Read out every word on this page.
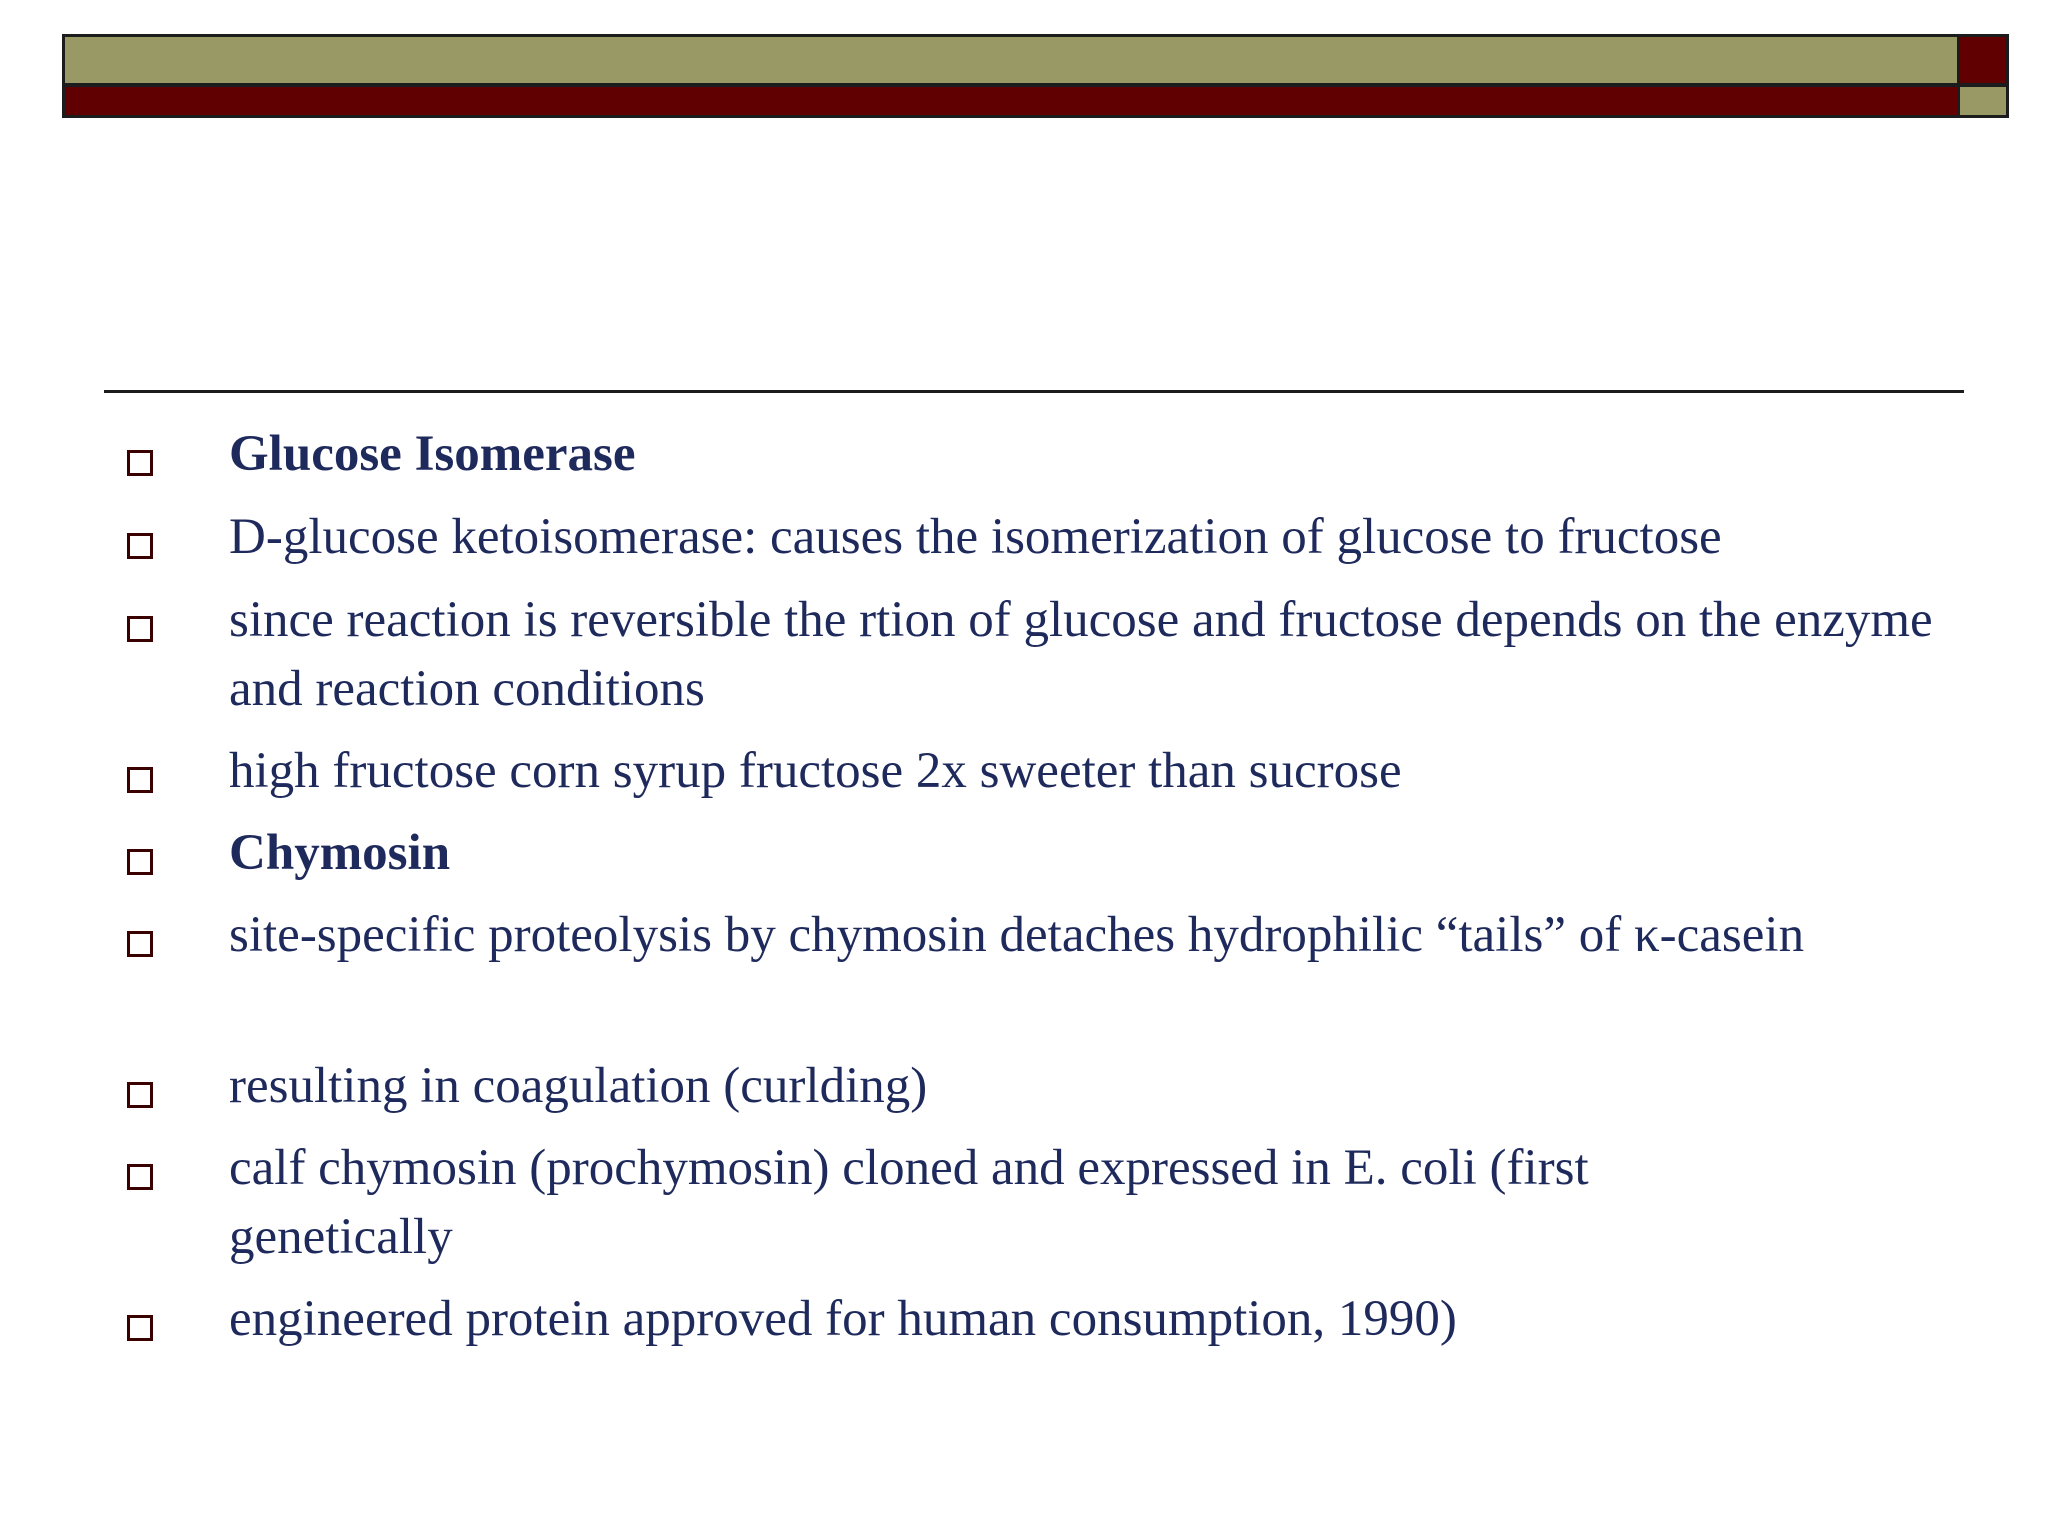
Glucose Isomerase
D-glucose ketoisomerase: causes the isomerization of glucose to fructose
since reaction is reversible the rtion of glucose and fructose depends on the enzyme and reaction conditions
high fructose corn syrup fructose 2x sweeter than sucrose
Chymosin
site-specific proteolysis by chymosin detaches hydrophilic “tails” of κ-casein
resulting in coagulation (curlding)
calf chymosin (prochymosin) cloned and expressed in E. coli (first genetically
engineered protein approved for human consumption, 1990)
